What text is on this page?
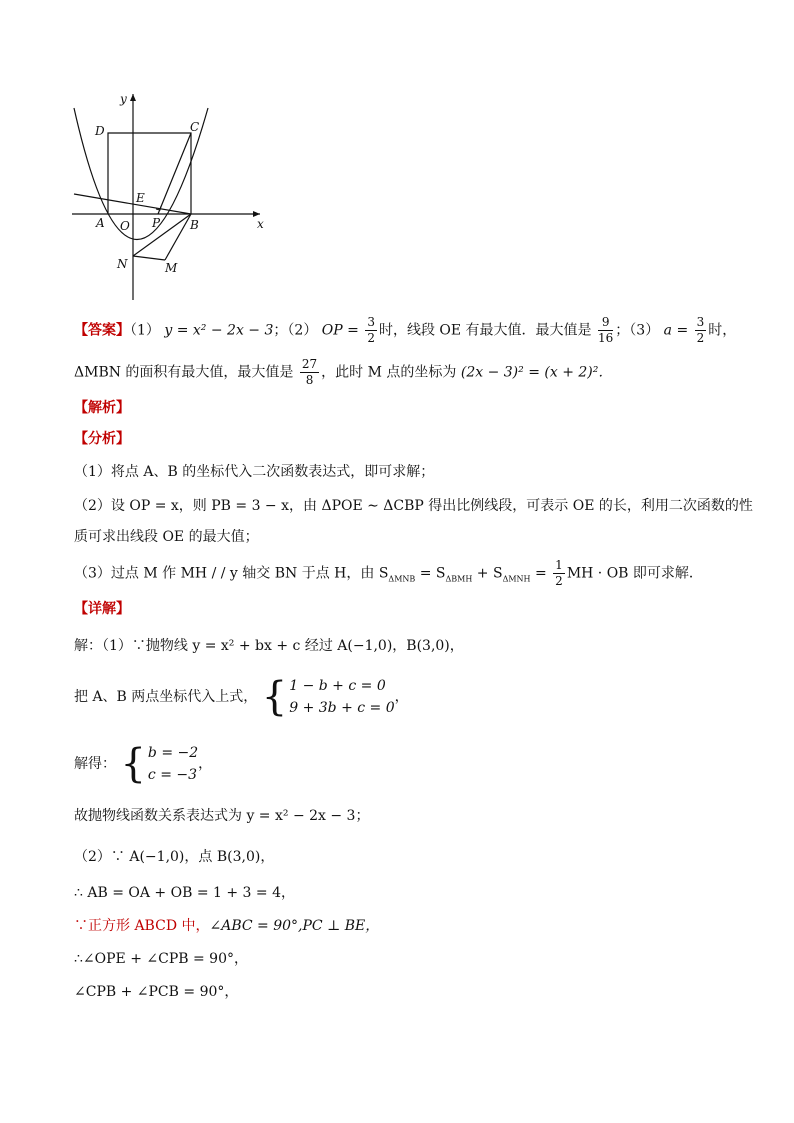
y
x
D	C
E
A O P B
N	M
【答案】（1） y = x² − 2x − 3；（2） OP = $\frac{3}{2}$ 时，线段 OE 有最大值．最大值是 $\frac{9}{16}$ ；（3） $a = \frac{3}{2}$ 时，
ΔMBN 的面积有最大值，最大值是 $\frac{27}{8}$ ，此时 M 点的坐标为 (2x − 3)² = (x + 2)²．
【解析】
【分析】
（1）将点 A、B 的坐标代入二次函数表达式，即可求解；
（2）设 OP = x，则 PB = 3 − x，由 ΔPOE ∼ ΔCBP 得出比例线段，可表示 OE 的长，利用二次函数的性
质可求出线段 OE 的最大值；
（3）过点 M 作 MH / / y 轴交 BN 于点 H，由 $S_{\Delta MNB} = S_{\Delta BMH} + S_{\Delta MNH} = \frac{1}{2}$ MH · OB 即可求解．
【详解】
解：（1）∵抛物线 y = x² + bx + c 经过 A(−1,0)，B(3,0)，
把 A、B 两点坐标代入上式， { 1 − b + c = 0
9 + 3b + c = 0
，
解得： { b = −2
c = −3
，
故抛物线函数关系表达式为 y = x² − 2x − 3；
（2）∵ A(−1,0)，点 B(3,0)，
∴ AB = OA + OB = 1 + 3 = 4，
∵正方形 ABCD 中，∠ABC = 90°,PC ⊥ BE，
∴∠OPE + ∠CPB = 90°，
∠CPB + ∠PCB = 90°，
